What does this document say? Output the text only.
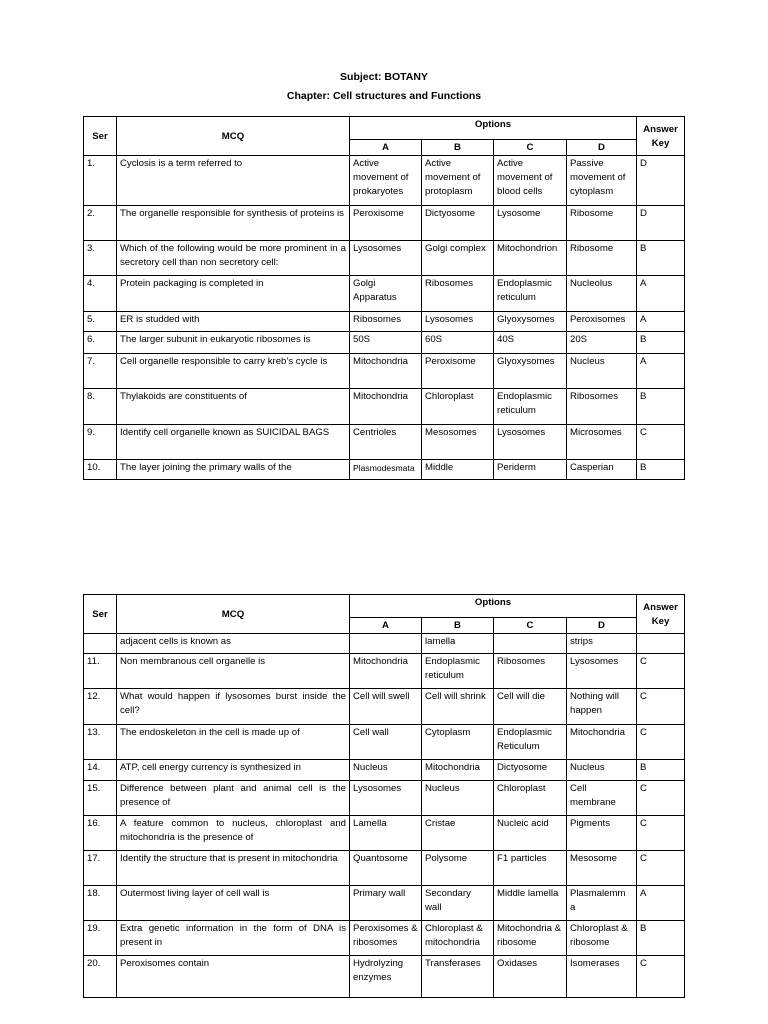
Subject: BOTANY
Chapter: Cell structures and Functions
Ser	MCQ	Options				Answer Key
		A	B	C	D	
1.	Cyclosis is a term referred to	Active movement of prokaryotes	Active movement of protoplasm	Active movement of blood cells	Passive movement of cytoplasm	D
2.	The organelle responsible for synthesis of proteins is	Peroxisome	Dictyosome	Lysosome	Ribosome	D
3.	Which of the following would be more prominent in a secretory cell than non secretory cell:	Lysosomes	Golgi complex	Mitochondrion	Ribosome	B
4.	Protein packaging is completed in	Golgi Apparatus	Ribosomes	Endoplasmic reticulum	Nucleolus	A
5.	ER is studded with	Ribosomes	Lysosomes	Glyoxysomes	Peroxisomes	A
6.	The larger subunit in eukaryotic ribosomes is	50S	60S	40S	20S	B
7.	Cell organelle responsible to carry kreb’s cycle is	Mitochondria	Peroxisome	Glyoxysomes	Nucleus	A
8.	Thylakoids are constituents of	Mitochondria	Chloroplast	Endoplasmic reticulum	Ribosomes	B
9.	Identify cell organelle known as SUICIDAL BAGS	Centrioles	Mesosomes	Lysosomes	Microsomes	C
10.	The layer joining the primary walls of the	Plasmodesmata	Middle	Periderm	Casperian	B
Ser	MCQ	Options				Answer Key
		A	B	C	D	
	adjacent cells is known as		lamella		strips	
11.	Non membranous cell organelle is	Mitochondria	Endoplasmic reticulum	Ribosomes	Lysosomes	C
12.	What would happen if lysosomes burst inside the cell?	Cell will swell	Cell will shrink	Cell will die	Nothing will happen	C
13.	The endoskeleton in the cell is made up of	Cell wall	Cytoplasm	Endoplasmic Reticulum	Mitochondria	C
14.	ATP, cell energy currency is synthesized in	Nucleus	Mitochondria	Dictyosome	Nucleus	B
15.	Difference between plant and animal cell is the presence of	Lysosomes	Nucleus	Chloroplast	Cell membrane	C
16.	A feature common to nucleus, chloroplast and mitochondria is the presence of	Lamella	Cristae	Nucleic acid	Pigments	C
17.	Identify the structure that is present in mitochondria	Quantosome	Polysome	F1 particles	Mesosome	C
18.	Outermost living layer of cell wall is	Primary wall	Secondary wall	Middle lamella	Plasmalemm a	A
19.	Extra genetic information in the form of DNA is present in	Peroxisomes & ribosomes	Chloroplast & mitochondria	Mitochondria & ribosome	Chloroplast & ribosome	B
20.	Peroxisomes contain	Hydrolyzing enzymes	Transferases	Oxidases	Isomerases	C
